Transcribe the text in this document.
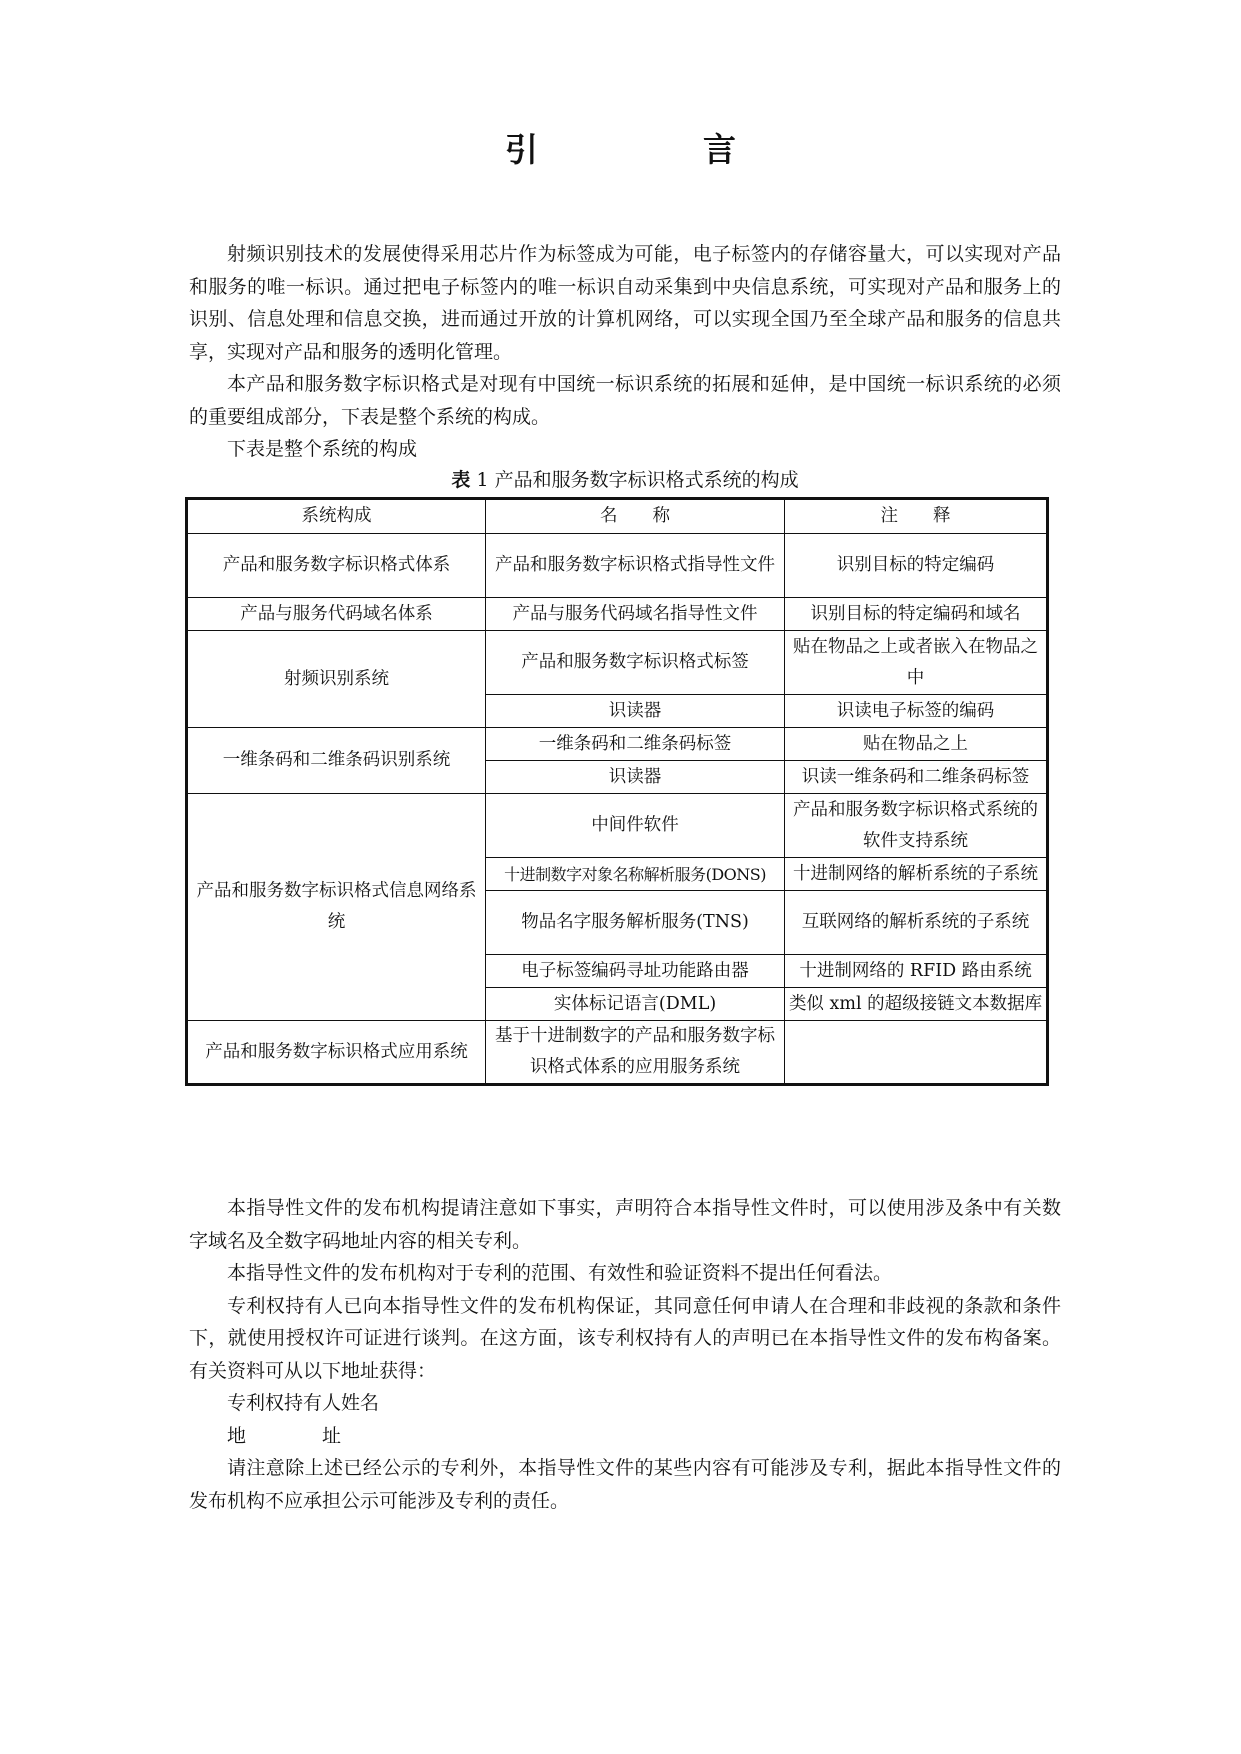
引　言

射频识别技术的发展使得采用芯片作为标签成为可能，电子标签内的存储容量大，可以实现对产品和服务的唯一标识。通过把电子标签内的唯一标识自动采集到中央信息系统，可实现对产品和服务上的识别、信息处理和信息交换，进而通过开放的计算机网络，可以实现全国乃至全球产品和服务的信息共享，实现对产品和服务的透明化管理。

本产品和服务数字标识格式是对现有中国统一标识系统的拓展和延伸，是中国统一标识系统的必须的重要组成部分，下表是整个系统的构成。

下表是整个系统的构成

表 1 产品和服务数字标识格式系统的构成
系统构成	名　　称	注　　释
产品和服务数字标识格式体系	产品和服务数字标识格式指导性文件	识别目标的特定编码
产品与服务代码域名体系	产品与服务代码域名指导性文件	识别目标的特定编码和域名
射频识别系统	产品和服务数字标识格式标签	贴在物品之上或者嵌入在物品之中
	识读器	识读电子标签的编码
一维条码和二维条码识别系统	一维条码和二维条码标签	贴在物品之上
	识读器	识读一维条码和二维条码标签
产品和服务数字标识格式信息网络系统	中间件软件	产品和服务数字标识格式系统的软件支持系统
	十进制数字对象名称解析服务(DONS)	十进制网络的解析系统的子系统
	物品名字服务解析服务(TNS)	互联网络的解析系统的子系统
	电子标签编码寻址功能路由器	十进制网络的 RFID 路由系统
	实体标记语言(DML)	类似 xml 的超级接链文本数据库
产品和服务数字标识格式应用系统	基于十进制数字的产品和服务数字标识格式体系的应用服务系统	

本指导性文件的发布机构提请注意如下事实，声明符合本指导性文件时，可以使用涉及条中有关数字域名及全数字码地址内容的相关专利。

本指导性文件的发布机构对于专利的范围、有效性和验证资料不提出任何看法。

专利权持有人已向本指导性文件的发布机构保证，其同意任何申请人在合理和非歧视的条款和条件下，就使用授权许可证进行谈判。在这方面，该专利权持有人的声明已在本指导性文件的发布构备案。有关资料可从以下地址获得：

专利权持有人姓名

地　　　　址

请注意除上述已经公示的专利外，本指导性文件的某些内容有可能涉及专利，据此本指导性文件的发布机构不应承担公示可能涉及专利的责任。
